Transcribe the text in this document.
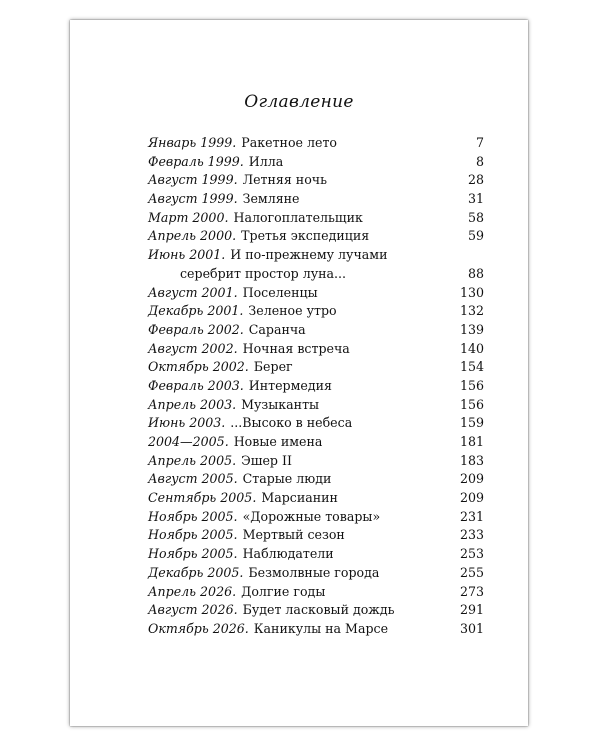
Оглавление
Январь 1999. Ракетное лето	7
Февраль 1999. Илла	8
Август 1999. Летняя ночь	28
Август 1999. Земляне	31
Март 2000. Налогоплательщик	58
Апрель 2000. Третья экспедиция	59
Июнь 2001. И по-прежнему лучами
серебрит простор луна...	88
Август 2001. Поселенцы	130
Декабрь 2001. Зеленое утро	132
Февраль 2002. Саранча	139
Август 2002. Ночная встреча	140
Октябрь 2002. Берег	154
Февраль 2003. Интермедия	156
Апрель 2003. Музыканты	156
Июнь 2003. ...Высоко в небеса	159
2004—2005. Новые имена	181
Апрель 2005. Эшер II	183
Август 2005. Старые люди	209
Сентябрь 2005. Марсианин	209
Ноябрь 2005. «Дорожные товары»	231
Ноябрь 2005. Мертвый сезон	233
Ноябрь 2005. Наблюдатели	253
Декабрь 2005. Безмолвные города	255
Апрель 2026. Долгие годы	273
Август 2026. Будет ласковый дождь	291
Октябрь 2026. Каникулы на Марсе	301
